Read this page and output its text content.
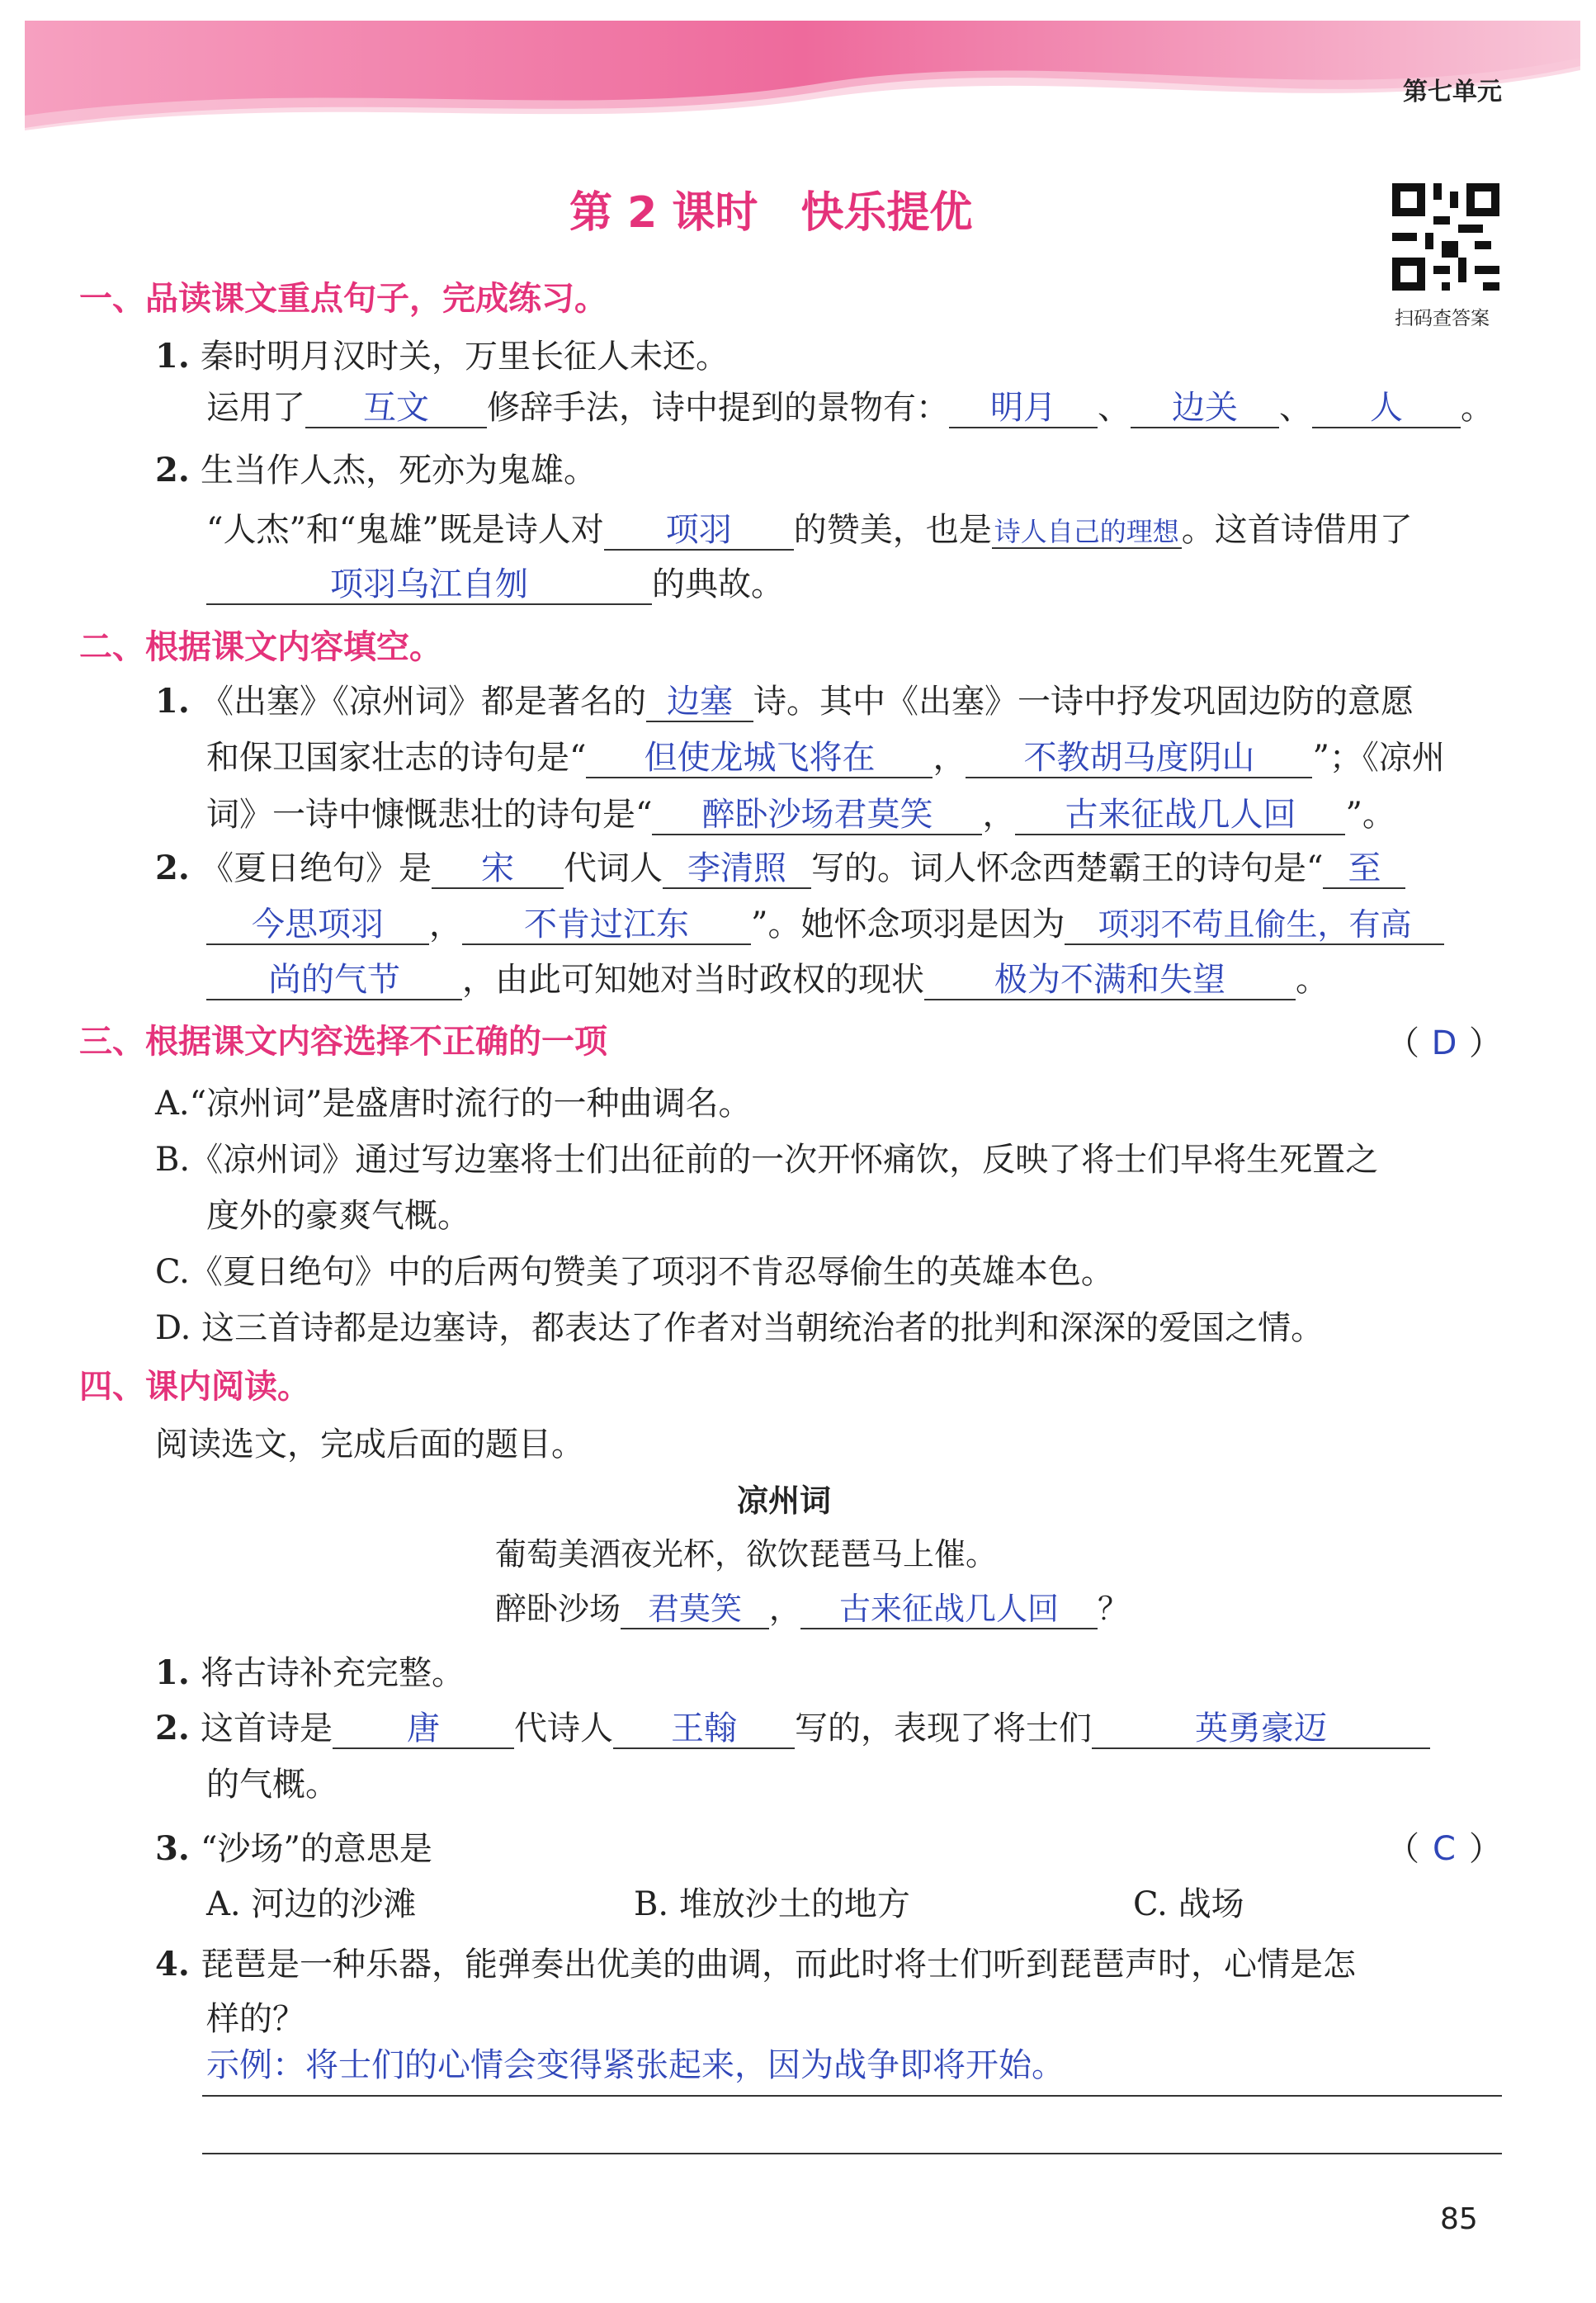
第七单元
第 2 课时　快乐提优
扫码查答案
一、品读课文重点句子，完成练习。
1. 秦时明月汉时关，万里长征人未还。
运用了 互文 修辞手法，诗中提到的景物有： 明月 、 边关 、 人 。
2. 生当作人杰，死亦为鬼雄。
“人杰”和“鬼雄”既是诗人对 项羽 的赞美，也是诗人自己的理想。这首诗借用了
项羽乌江自刎	的典故。
二、根据课文内容填空。
1. 《出塞》《凉州词》都是著名的 边塞 诗。其中《出塞》一诗中抒发巩固边防的意愿
和保卫国家壮志的诗句是“ 但使龙城飞将在 ， 不教胡马度阴山 ”；《凉州
词》一诗中慷慨悲壮的诗句是“ 醉卧沙场君莫笑 ， 古来征战几人回 ”。
2. 《夏日绝句》是 宋 代词人 李清照 写的。词人怀念西楚霸王的诗句是“ 至
今思项羽 ， 不肯过江东 ”。她怀念项羽是因为 项羽不苟且偷生，有高
尚的气节 ，由此可知她对当时政权的现状 极为不满和失望 。
三、根据课文内容选择不正确的一项	（ D ）
A.“凉州词”是盛唐时流行的一种曲调名。
B.《凉州词》通过写边塞将士们出征前的一次开怀痛饮，反映了将士们早将生死置之
度外的豪爽气概。
C.《夏日绝句》中的后两句赞美了项羽不肯忍辱偷生的英雄本色。
D. 这三首诗都是边塞诗，都表达了作者对当朝统治者的批判和深深的爱国之情。
四、课内阅读。
阅读选文，完成后面的题目。
凉州词
葡萄美酒夜光杯，欲饮琵琶马上催。
醉卧沙场 君莫笑 ， 古来征战几人回 ？
1. 将古诗补充完整。
2. 这首诗是 唐 代诗人 王翰 写的，表现了将士们	英勇豪迈
的气概。
3. “沙场”的意思是	（ C ）
A. 河边的沙滩	B. 堆放沙土的地方	C. 战场
4. 琵琶是一种乐器，能弹奏出优美的曲调，而此时将士们听到琵琶声时，心情是怎
样的？
示例：将士们的心情会变得紧张起来，因为战争即将开始。
85
